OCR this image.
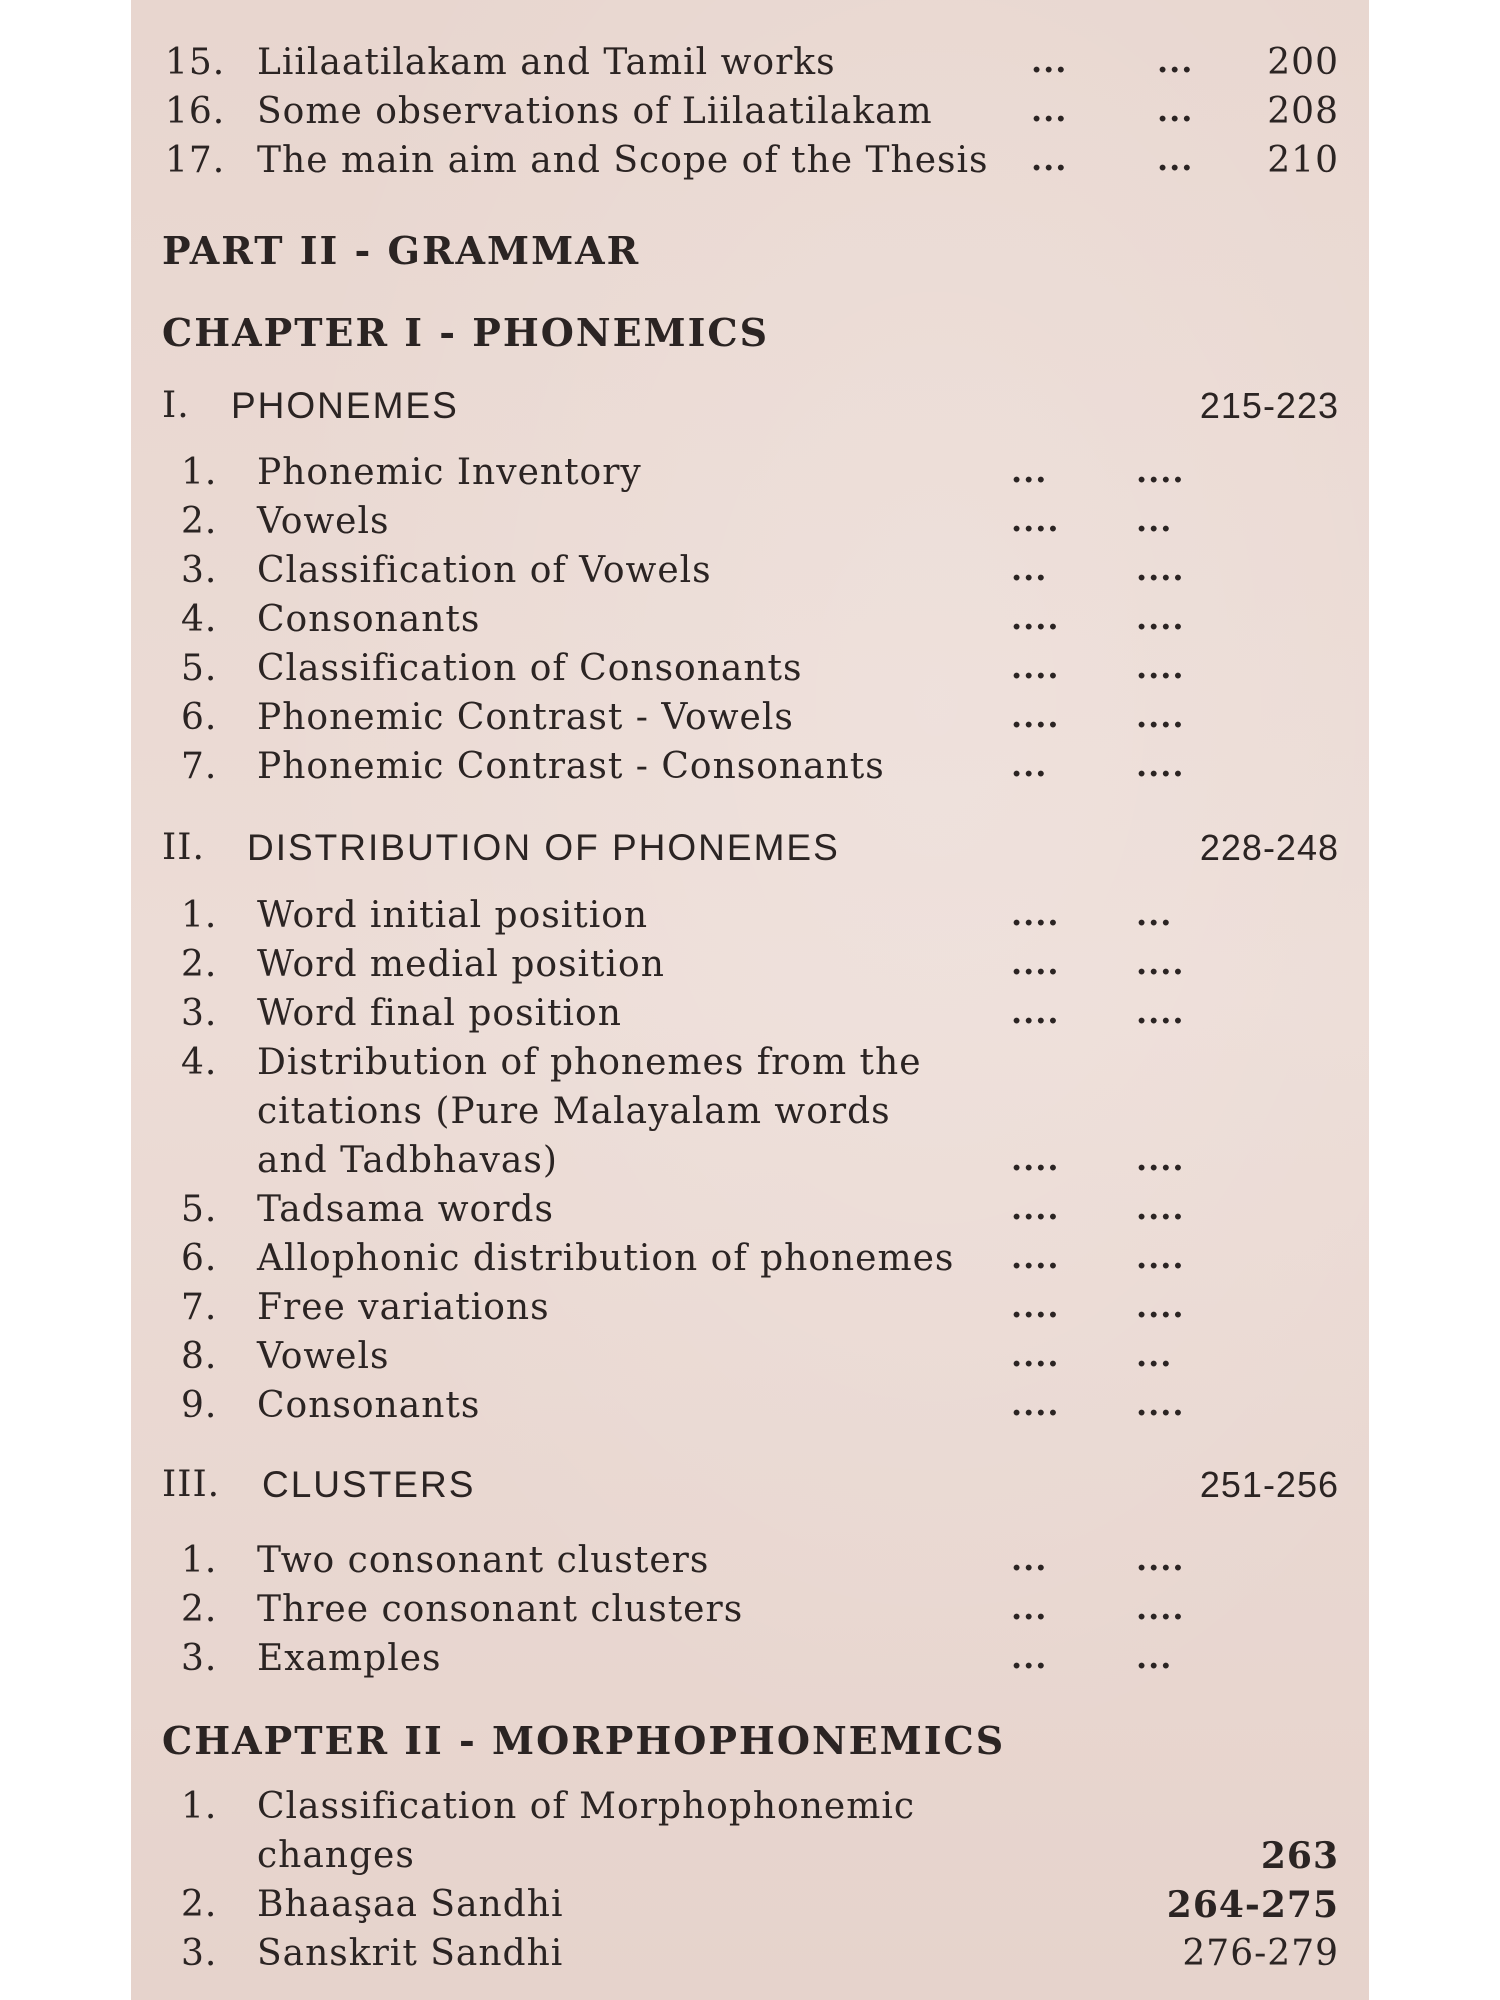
15. Liilaatilakam and Tamil works	...	... 200
16. Some observations of Liilaatilakam	...	... 208
17. The main aim and Scope of the Thesis ...	... 210
PART II - GRAMMAR
CHAPTER I - PHONEMICS
I. PHONEMES	215-223
1. Phonemic Inventory	...	....
2. Vowels	.... ...
3. Classification of Vowels	...	....
4. Consonants	.... ....
5. Classification of Consonants	.... ....
6. Phonemic Contrast - Vowels	.... ....
7. Phonemic Contrast - Consonants	...	....
II. DISTRIBUTION OF PHONEMES	228-248
1. Word initial position	.... ...
2. Word medial position	.... ....
3. Word final position	.... ....
4. Distribution of phonemes from the
citations (Pure Malayalam words
and Tadbhavas)	.... ....
5. Tadsama words	.... ....
6. Allophonic distribution of phonemes .... ....
7. Free variations	.... ....
8. Vowels	.... ...
9. Consonants	.... ....
III. CLUSTERS	251-256
1. Two consonant clusters	...	....
2. Three consonant clusters	...	....
3. Examples	...	...
CHAPTER II - MORPHOPHONEMICS
1. Classification of Morphophonemic
changes	263
2. Bhaaşaa Sandhi	264-275
3. Sanskrit Sandhi	276-279
